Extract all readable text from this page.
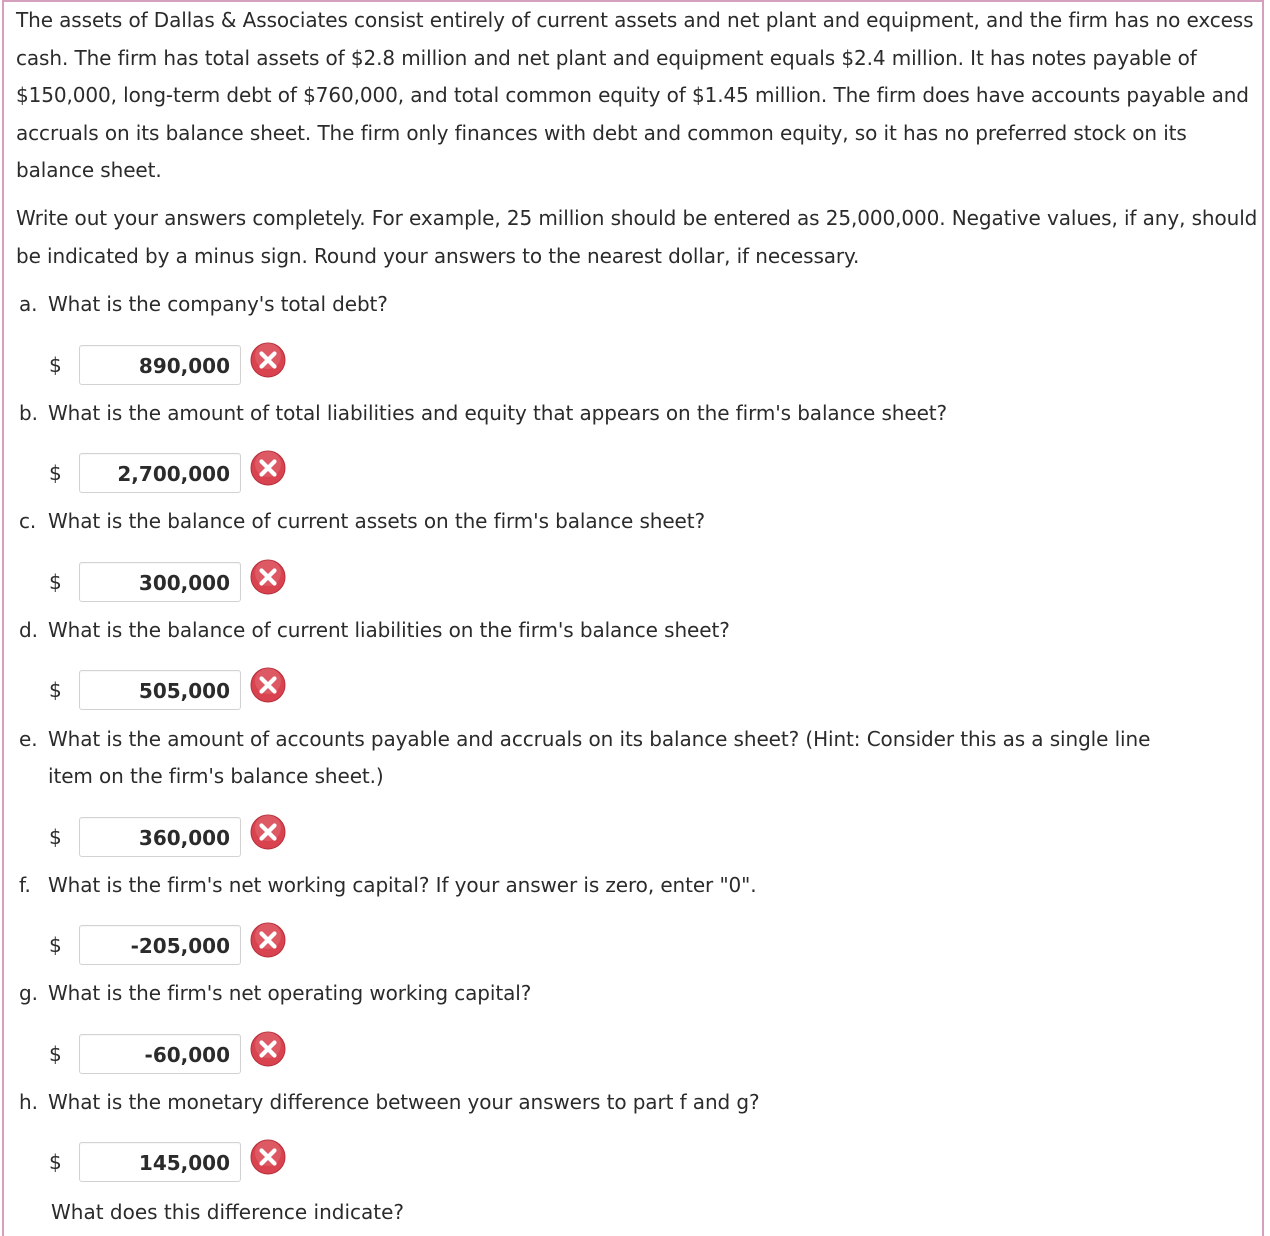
The assets of Dallas & Associates consist entirely of current assets and net plant and equipment, and the firm has no excess cash. The firm has total assets of $2.8 million and net plant and equipment equals $2.4 million. It has notes payable of $150,000, long-term debt of $760,000, and total common equity of $1.45 million. The firm does have accounts payable and accruals on its balance sheet. The firm only finances with debt and common equity, so it has no preferred stock on its balance sheet.

Write out your answers completely. For example, 25 million should be entered as 25,000,000. Negative values, if any, should be indicated by a minus sign. Round your answers to the nearest dollar, if necessary.

a. What is the company's total debt?

$	890,000

b. What is the amount of total liabilities and equity that appears on the firm's balance sheet?

$	2,700,000

c. What is the balance of current assets on the firm's balance sheet?

$	300,000

d. What is the balance of current liabilities on the firm's balance sheet?

$	505,000

e. What is the amount of accounts payable and accruals on its balance sheet? (Hint: Consider this as a single line
item on the firm's balance sheet.)

$	360,000

f. What is the firm's net working capital? If your answer is zero, enter "0".

$	-205,000

g. What is the firm's net operating working capital?

$	-60,000

h. What is the monetary difference between your answers to part f and g?

$	145,000

What does this difference indicate?
